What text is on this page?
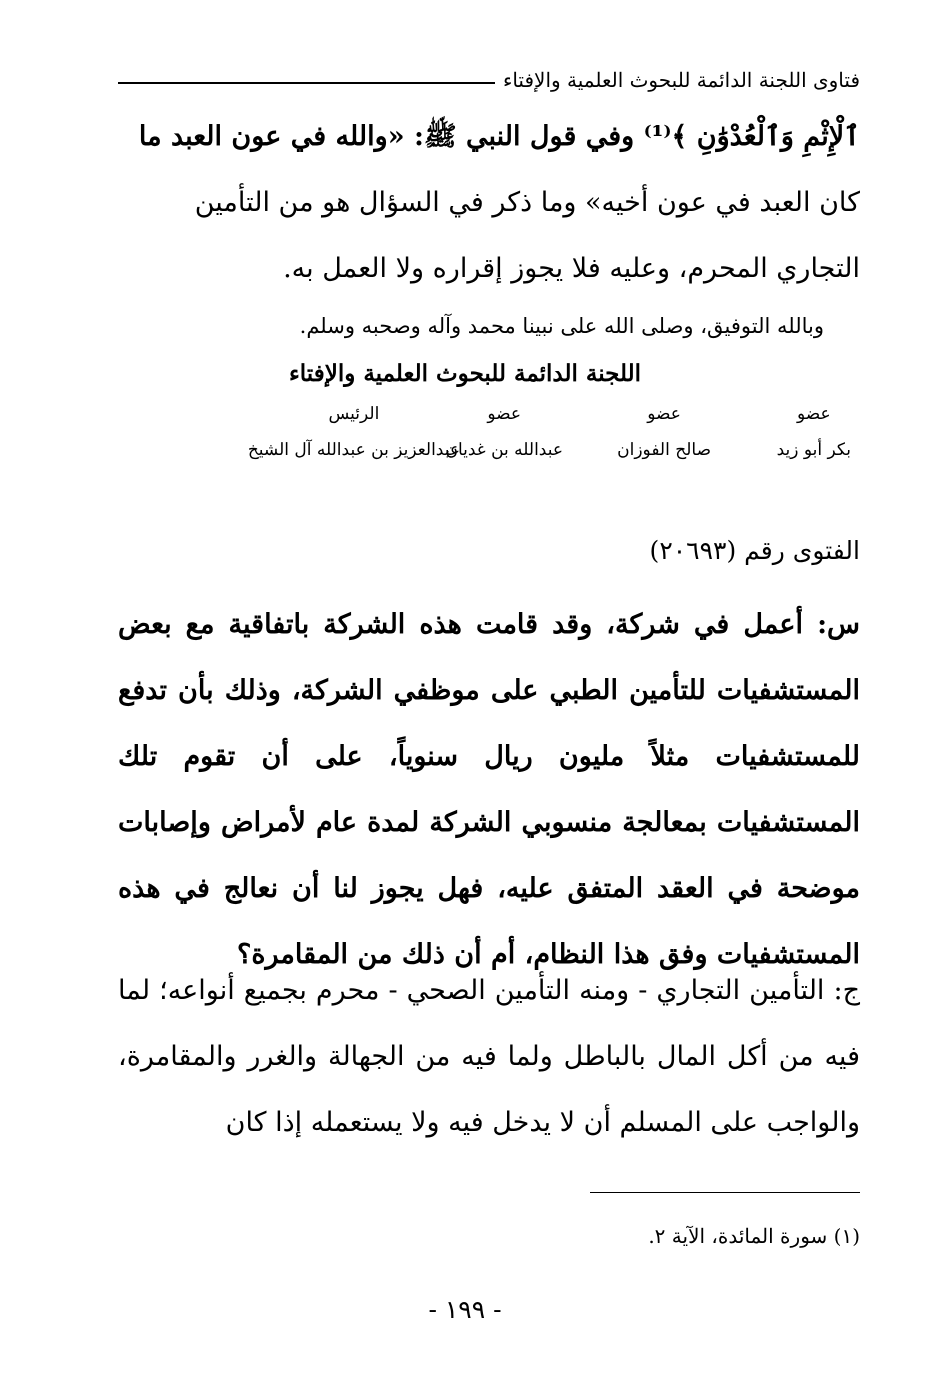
فتاوى اللجنة الدائمة للبحوث العلمية والإفتاء
ٱلْإِثْمِ وَٱلْعُدْوَٰنِ ﴾⁽¹⁾ وفي قول النبي ﷺ: «والله في عون العبد ما
كان العبد في عون أخيه» وما ذكر في السؤال هو من التأمين
التجاري المحرم، وعليه فلا يجوز إقراره ولا العمل به.
وبالله التوفيق، وصلى الله على نبينا محمد وآله وصحبه وسلم.
اللجنة الدائمة للبحوث العلمية والإفتاء
عضو
بكر أبو زيد
عضو
صالح الفوزان
عضو
عبدالله بن غديان
الرئيس
عبدالعزيز بن عبدالله آل الشيخ
الفتوى رقم (٢٠٦٩٣)
س: أعمل في شركة، وقد قامت هذه الشركة باتفاقية مع بعض المستشفيات للتأمين الطبي على موظفي الشركة، وذلك بأن تدفع للمستشفيات مثلاً مليون ريال سنوياً، على أن تقوم تلك المستشفيات بمعالجة منسوبي الشركة لمدة عام لأمراض وإصابات موضحة في العقد المتفق عليه، فهل يجوز لنا أن نعالج في هذه المستشفيات وفق هذا النظام، أم أن ذلك من المقامرة؟
ج: التأمين التجاري - ومنه التأمين الصحي - محرم بجميع أنواعه؛ لما فيه من أكل المال بالباطل ولما فيه من الجهالة والغرر والمقامرة، والواجب على المسلم أن لا يدخل فيه ولا يستعمله إذا كان
(١) سورة المائدة، الآية ٢.
- ١٩٩ -
